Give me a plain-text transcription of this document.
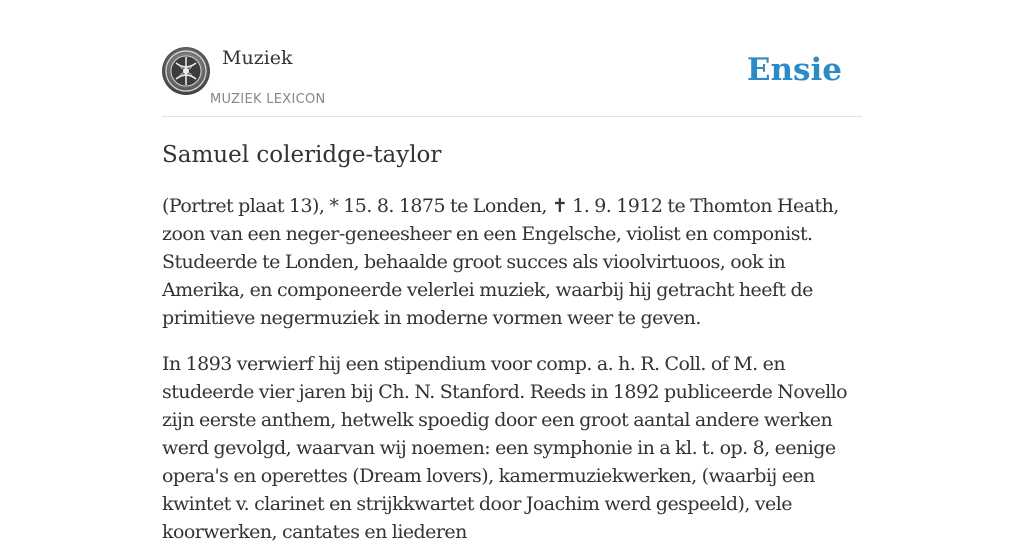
Muziek
MUZIEK LEXICON
Ensie
Samuel coleridge-taylor

(Portret plaat 13), * 15. 8. 1875 te Londen, ✝ 1. 9. 1912 te Thomton Heath, zoon van een neger-geneesheer en een Engelsche, violist en componist. Studeerde te Londen, behaalde groot succes als vioolvirtuoos, ook in Amerika, en componeerde velerlei muziek, waarbij hij getracht heeft de primitieve negermuziek in moderne vormen weer te geven.

In 1893 verwierf hij een stipendium voor comp. a. h. R. Coll. of M. en studeerde vier jaren bij Ch. N. Stanford. Reeds in 1892 publiceerde Novello zijn eerste anthem, hetwelk spoedig door een groot aantal andere werken werd gevolgd, waarvan wij noemen: een symphonie in a kl. t. op. 8, eenige opera's en operettes (Dream lovers), kamermuziekwerken, (waarbij een kwintet v. clarinet en strijkkwartet door Joachim werd gespeeld), vele koorwerken, cantates en liederen
